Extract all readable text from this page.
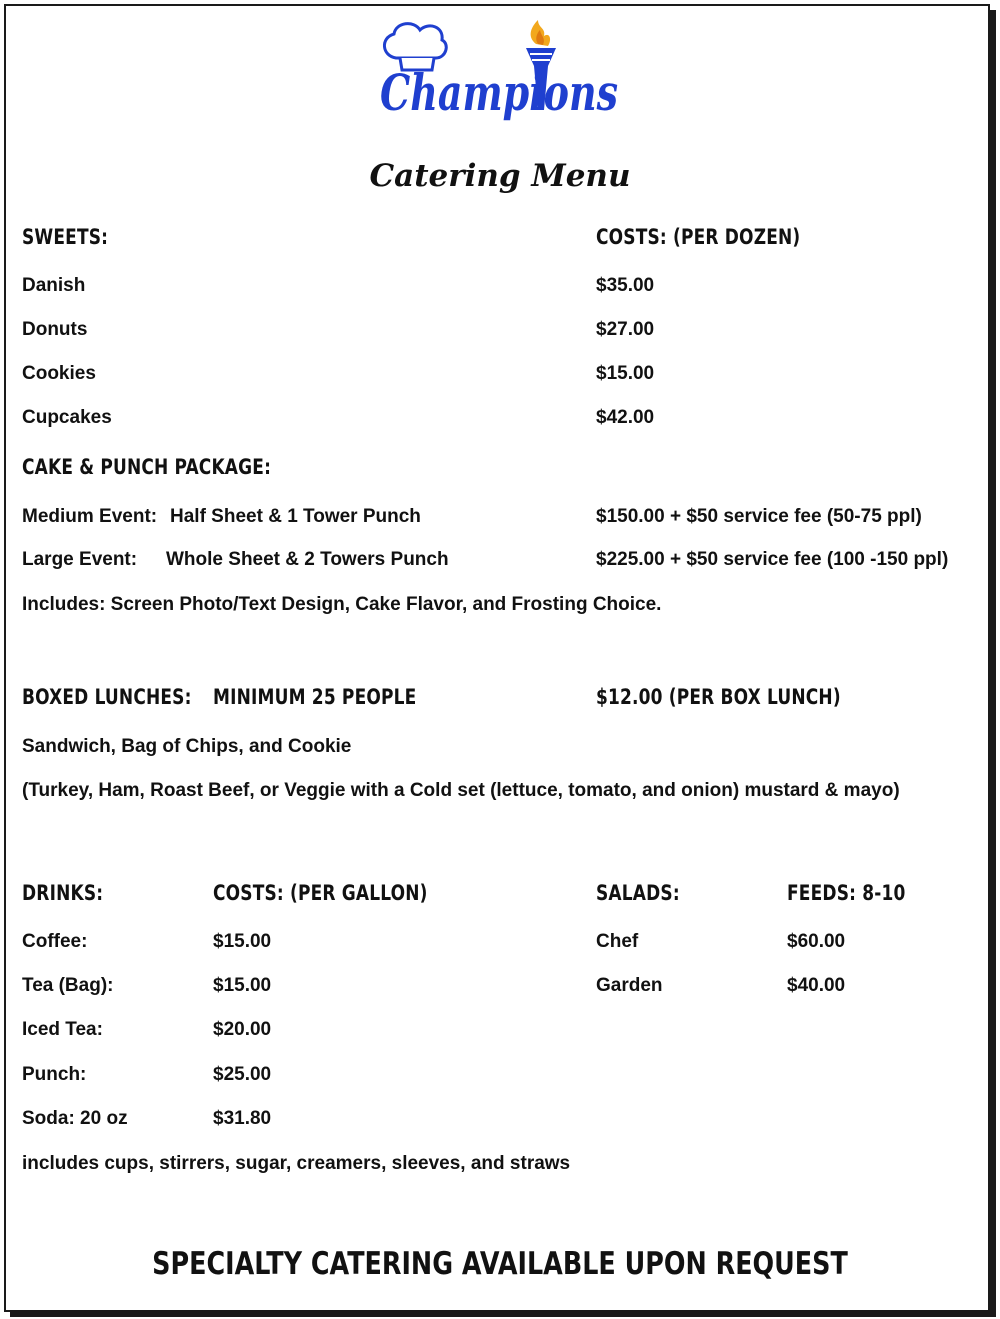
Champions
Catering Menu
SWEETS:	COSTS: (PER DOZEN)
Danish	$35.00
Donuts	$27.00
Cookies	$15.00
Cupcakes	$42.00
CAKE & PUNCH PACKAGE:
Medium Event: Half Sheet & 1 Tower Punch	$150.00 + $50 service fee (50-75 ppl)
Large Event: Whole Sheet & 2 Towers Punch	$225.00 + $50 service fee (100 -150 ppl)
Includes: Screen Photo/Text Design, Cake Flavor, and Frosting Choice.
BOXED LUNCHES: MINIMUM 25 PEOPLE	$12.00 (PER BOX LUNCH)
Sandwich, Bag of Chips, and Cookie
(Turkey, Ham, Roast Beef, or Veggie with a Cold set (lettuce, tomato, and onion) mustard & mayo)
DRINKS:	COSTS: (PER GALLON)
Coffee:	$15.00
Tea (Bag):	$15.00
Iced Tea:	$20.00
Punch:	$25.00
Soda: 20 oz	$31.80
includes cups, stirrers, sugar, creamers, sleeves, and straws
SALADS:	FEEDS: 8-10
Chef	$60.00
Garden	$40.00
SPECIALTY CATERING AVAILABLE UPON REQUEST
